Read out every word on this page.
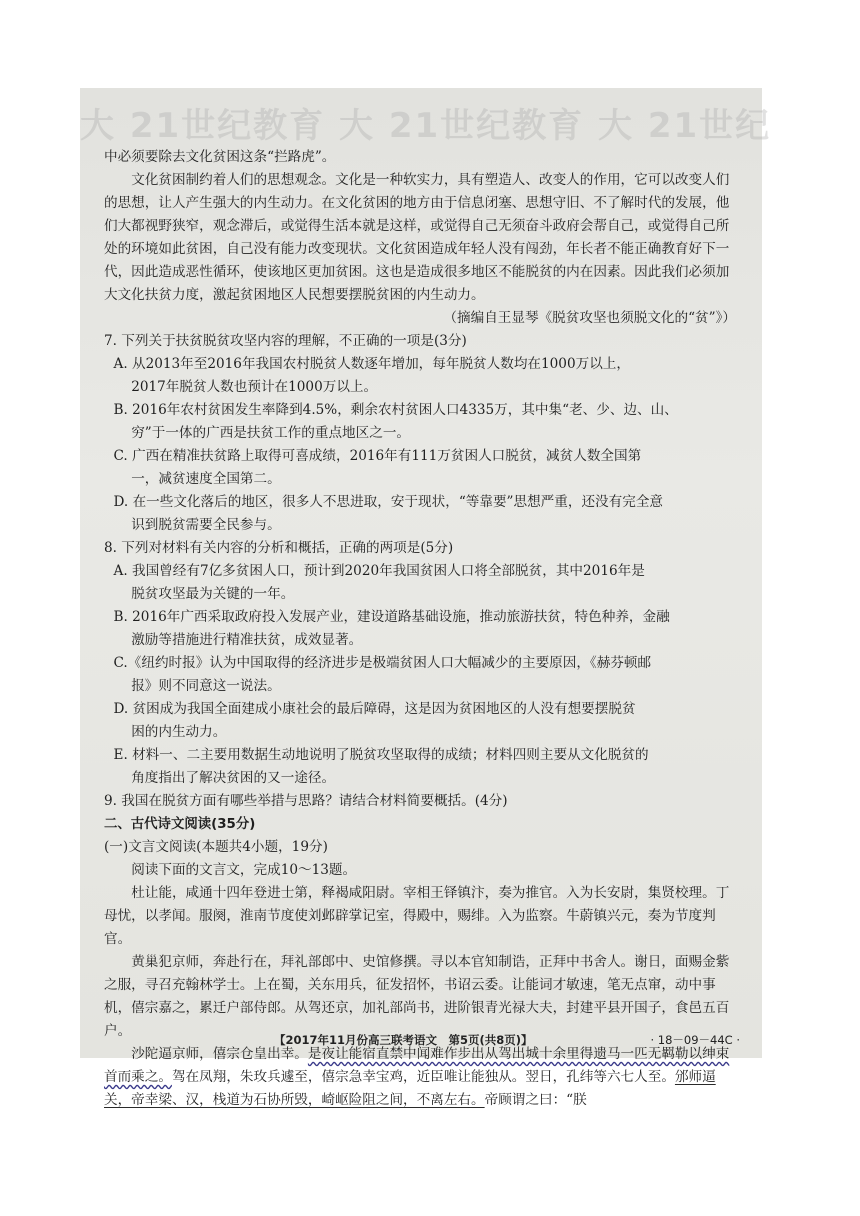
大 21世纪教育 大 21世纪教育 大 21世纪

中必须要除去文化贫困这条“拦路虎”。

文化贫困制约着人们的思想观念。文化是一种软实力，具有塑造人、改变人的作用，它可以改变人们的思想，让人产生强大的内生动力。在文化贫困的地方由于信息闭塞、思想守旧、不了解时代的发展，他们大都视野狭窄，观念滞后，或觉得生活本就是这样，或觉得自己无须奋斗政府会帮自己，或觉得自己所处的环境如此贫困，自己没有能力改变现状。文化贫困造成年轻人没有闯劲，年长者不能正确教育好下一代，因此造成恶性循环，使该地区更加贫困。这也是造成很多地区不能脱贫的内在因素。因此我们必须加大文化扶贫力度，激起贫困地区人民想要摆脱贫困的内生动力。

（摘编自王显琴《脱贫攻坚也须脱文化的“贫”》）

7. 下列关于扶贫脱贫攻坚内容的理解，不正确的一项是(3分)

A. 从2013年至2016年我国农村脱贫人数逐年增加，每年脱贫人数均在1000万以上，

2017年脱贫人数也预计在1000万以上。

B. 2016年农村贫困发生率降到4.5%，剩余农村贫困人口4335万，其中集“老、少、边、山、

穷”于一体的广西是扶贫工作的重点地区之一。

C. 广西在精准扶贫路上取得可喜成绩，2016年有111万贫困人口脱贫，减贫人数全国第

一，减贫速度全国第二。

D. 在一些文化落后的地区，很多人不思进取，安于现状，“等靠要”思想严重，还没有完全意

识到脱贫需要全民参与。

8. 下列对材料有关内容的分析和概括，正确的两项是(5分)

A. 我国曾经有7亿多贫困人口，预计到2020年我国贫困人口将全部脱贫，其中2016年是

脱贫攻坚最为关键的一年。

B. 2016年广西采取政府投入发展产业，建设道路基础设施，推动旅游扶贫，特色种养，金融

激励等措施进行精准扶贫，成效显著。

C.《纽约时报》认为中国取得的经济进步是极端贫困人口大幅减少的主要原因，《赫芬顿邮

报》则不同意这一说法。

D. 贫困成为我国全面建成小康社会的最后障碍，这是因为贫困地区的人没有想要摆脱贫

困的内生动力。

E. 材料一、二主要用数据生动地说明了脱贫攻坚取得的成绩；材料四则主要从文化脱贫的

角度指出了解决贫困的又一途径。

9. 我国在脱贫方面有哪些举措与思路？请结合材料简要概括。(4分)

二、古代诗文阅读(35分)

(一)文言文阅读(本题共4小题，19分)

阅读下面的文言文，完成10～13题。

杜让能，咸通十四年登进士第，释褐咸阳尉。宰相王铎镇汴，奏为推官。入为长安尉，集贤校理。丁母忧，以孝闻。服阕，淮南节度使刘邺辟掌记室，得殿中，赐绯。入为监察。牛蔚镇兴元，奏为节度判官。

黄巢犯京师，奔赴行在，拜礼部郎中、史馆修撰。寻以本官知制诰，正拜中书舍人。谢日，面赐金紫之服，寻召充翰林学士。上在蜀，关东用兵，征发招怀，书诏云委。让能词才敏速，笔无点窜，动中事机，僖宗嘉之，累迁户部侍郎。从驾还京，加礼部尚书，进阶银青光禄大夫，封建平县开国子，食邑五百户。

沙陀逼京师，僖宗仓皇出幸。是夜让能宿直禁中闻难作步出从驾出城十余里得遗马一匹无羁勒以绅束首而乘之。驾在凤翔，朱玫兵遽至，僖宗急幸宝鸡，近臣唯让能独从。翌日，孔纬等六七人至。邠师逼关，帝幸梁、汉，栈道为石协所毁，崎岖险阻之间，不离左右。帝顾谓之曰：“朕

【2017年11月份高三联考语文　第5页(共8页)】	· 18－09－44C ·
